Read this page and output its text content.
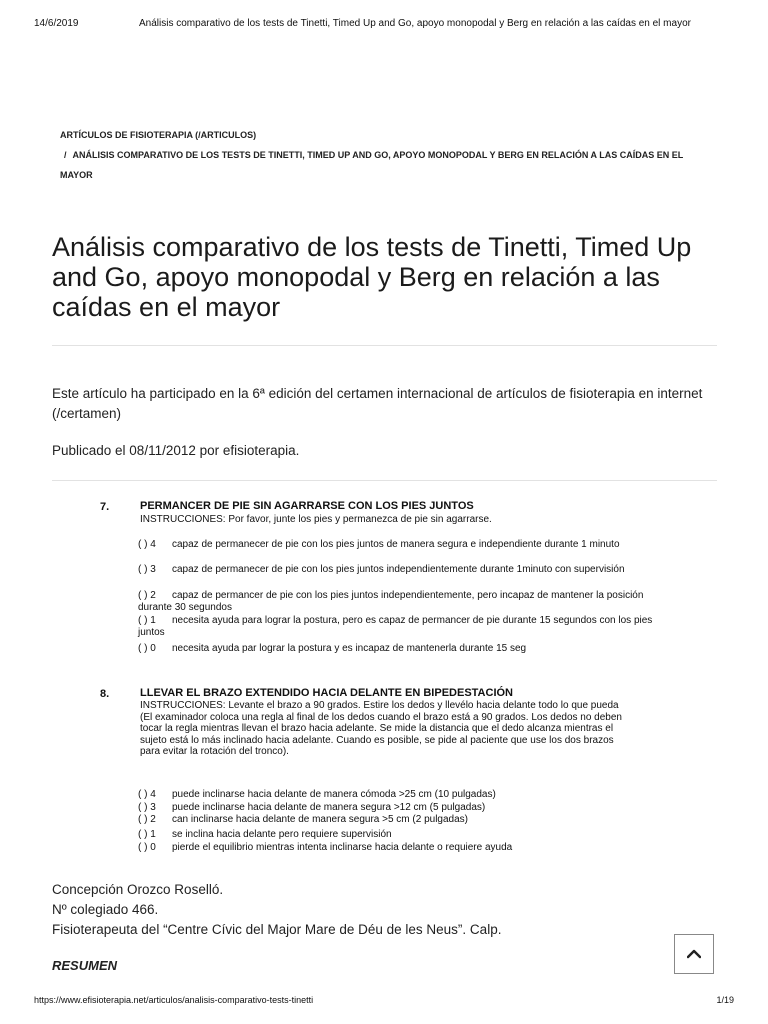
14/6/2019	Análisis comparativo de los tests de Tinetti, Timed Up and Go, apoyo monopodal y Berg en relación a las caídas en el mayor
ARTÍCULOS DE FISIOTERAPIA (/ARTICULOS)
/ ANÁLISIS COMPARATIVO DE LOS TESTS DE TINETTI, TIMED UP AND GO, APOYO MONOPODAL Y BERG EN RELACIÓN A LAS CAÍDAS EN EL MAYOR
Análisis comparativo de los tests de Tinetti, Timed Up and Go, apoyo monopodal y Berg en relación a las caídas en el mayor

Este artículo ha participado en la 6ª edición del certamen internacional de artículos de fisioterapia en internet (/certamen)

Publicado el 08/11/2012 por efisioterapia.

7.	PERMANCER DE PIE SIN AGARRARSE CON LOS PIES JUNTOS
INSTRUCCIONES: Por favor, junte los pies y permanezca de pie sin agarrarse.
( ) 4 capaz de permanecer de pie con los pies juntos de manera segura e independiente durante 1 minuto
( ) 3 capaz de permanecer de pie con los pies juntos independientemente durante 1minuto con supervisión
( ) 2 capaz de permancer de pie con los pies juntos independientemente, pero incapaz de mantener la posición durante 30 segundos
( ) 1 necesita ayuda para lograr la postura, pero es capaz de permancer de pie durante 15 segundos con los pies juntos
( ) 0 necesita ayuda par lograr la postura y es incapaz de mantenerla durante 15 seg
8.	LLEVAR EL BRAZO EXTENDIDO HACIA DELANTE EN BIPEDESTACIÓN
INSTRUCCIONES: Levante el brazo a 90 grados. Estire los dedos y llevélo hacia delante todo lo que pueda (El examinador coloca una regla al final de los dedos cuando el brazo está a 90 grados. Los dedos no deben tocar la regla mientras llevan el brazo hacia adelante. Se mide la distancia que el dedo alcanza mientras el sujeto está lo más inclinado hacia adelante. Cuando es posible, se pide al paciente que use los dos brazos para evitar la rotación del tronco).
( ) 4 puede inclinarse hacia delante de manera cómoda >25 cm (10 pulgadas)
( ) 3 puede inclinarse hacia delante de manera segura >12 cm (5 pulgadas)
( ) 2 can inclinarse hacia delante de manera segura >5 cm (2 pulgadas)
( ) 1 se inclina hacia delante pero requiere supervisión
( ) 0 pierde el equilibrio mientras intenta inclinarse hacia delante o requiere ayuda
Concepción Orozco Roselló.
Nº colegiado 466.
Fisioterapeuta del “Centre Cívic del Major Mare de Déu de les Neus”. Calp.
RESUMEN
https://www.efisioterapia.net/articulos/analisis-comparativo-tests-tinetti	1/19
